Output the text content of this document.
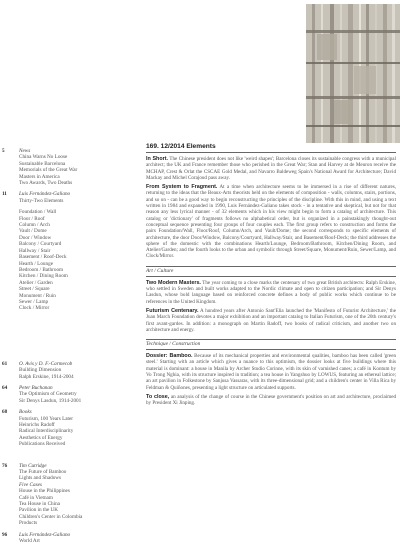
5	News
China Warns No Loose
Sustainable Barcelona
Memorials of the Great War
Masters in America
Two Awards, Two Deaths
11	Luis Fernández-Galiano
Thirty-Two Elements
Foundation / Wall
Floor / Roof
Column / Arch
Vault / Dome
Door / Window
Balcony / Courtyard
Hallway / Stair
Basement / Roof-Deck
Hearth / Lounge
Bedroom / Bathroom
Kitchen / Dining Room
Atelier / Garden
Street / Square
Monument / Ruin
Sewer / Lamp
Clock / Mirror
61	O. Avis y D. F.-Carmecob
Building Dimension
Ralph Erskine, 1914-2004
64	Peter Buchanan
The Optimism of Geometry
Sir Denys Lasdun, 1914-2001
68	Books
Futurism, 100 Years Later
Heinrichs Radoff
Radical Interdisciplinarity
Aesthetics of Energy
Publications Received
76	Tim Cutridge
The Future of Bamboo
Lights and Shadows
Five Cases
House in the Philippines
Café in Vietnam
Tea House in China
Pavilion in the UK
Children's Center in Colombia
Products
96	Luis Fernández-Galiano
World Art
169. 12/2014 Elements

In Short. The Chinese president does not like 'weird shapes'; Barcelona closes its sustainable congress with a municipal architect; the UK and France remember those who perished in the Great War; Stan and Harvey at de Meuron receive the MCHAP, Crest & Orlat the CSCAE Gold Medal, and Navarro Baldeweg Spain's National Award for Architecture; David Mackay and Michel Corajoud pass away.

From System to Fragment. At a time when architecture seems to be immersed in a rise of different natures, returning to the ideas that the Beaux-Arts theorists held on the elements of composition - walls, columns, stairs, portions, and so on - can be a good way to begin reconstructing the principles of the discipline. With this in mind, and using a text written in 1984 and expanded in 1990, Luis Fernández-Galiano takes stock - in a tentative and skeptical, but not for that reason any less lyrical manner - of 32 elements which in his view might begin to form a catalog of architecture. This catalog or 'dictionary' of fragments follows no alphabetical order, but is organized in a painstakingly thought-out conceptual sequence presenting four groups of four couples each. The first group refers to construction and forms the pairs Foundation/Wall, Floor/Roof, Column/Arch, and Vault/Dome; the second corresponds to specific elements of architecture, the door Door/Window, Balcony/Courtyard, Hallway/Stair, and Basement/Roof-Deck; the third addresses the sphere of the domestic with the combinations Hearth/Lounge, Bedroom/Bathroom, Kitchen/Dining Room, and Atelier/Garden; and the fourth looks to the urban and symbolic through Street/Square, Monument/Ruin, Sewer/Lamp, and Clock/Mirror.

Art / Culture

Two Modern Masters. The year coming to a close marks the centenary of two great British architects: Ralph Erskine, who settled in Sweden and built works adapted to the Nordic climate and open to citizen participation; and Sir Denys Lasdun, whose bold language based on reinforced concrete defines a body of public works which continue to be references in the United Kingdom.

Futurism Centenary. A hundred years after Antonio Sant'Elia launched the 'Manifesto of Futurist Architecture,' the Juan March Foundation devotes a major exhibition and an important catalog to Italian Futurism, one of the 20th century's first avant-gardes. In addition: a monograph on Martin Radoff, two books of radical criticism, and another two on architecture and energy.

Technique / Construction

Dossier: Bamboo. Because of its mechanical properties and environmental qualities, bamboo has been called 'green steel.' Starting with an article which gives a nuance to this optimism, the dossier looks at five buildings where this material is dominant: a house in Manila by Archer Studio Corinne, with its skin of varnished canes; a café in Kontum by Vo Trong Nghia, with its structure inspired in tradition; a tea house in Yangshuo by LOWUS, featuring an ethereal lattice; an art pavilion in Folkestone by Sanjusa Vassaras, with its three-dimensional grid; and a children's center in Villa Rica by Feldman & Quiñones, presenting a light structure on articulated supports.

To close, an analysis of the change of course in the Chinese government's position on art and architecture, proclaimed by President Xi Jinping.
